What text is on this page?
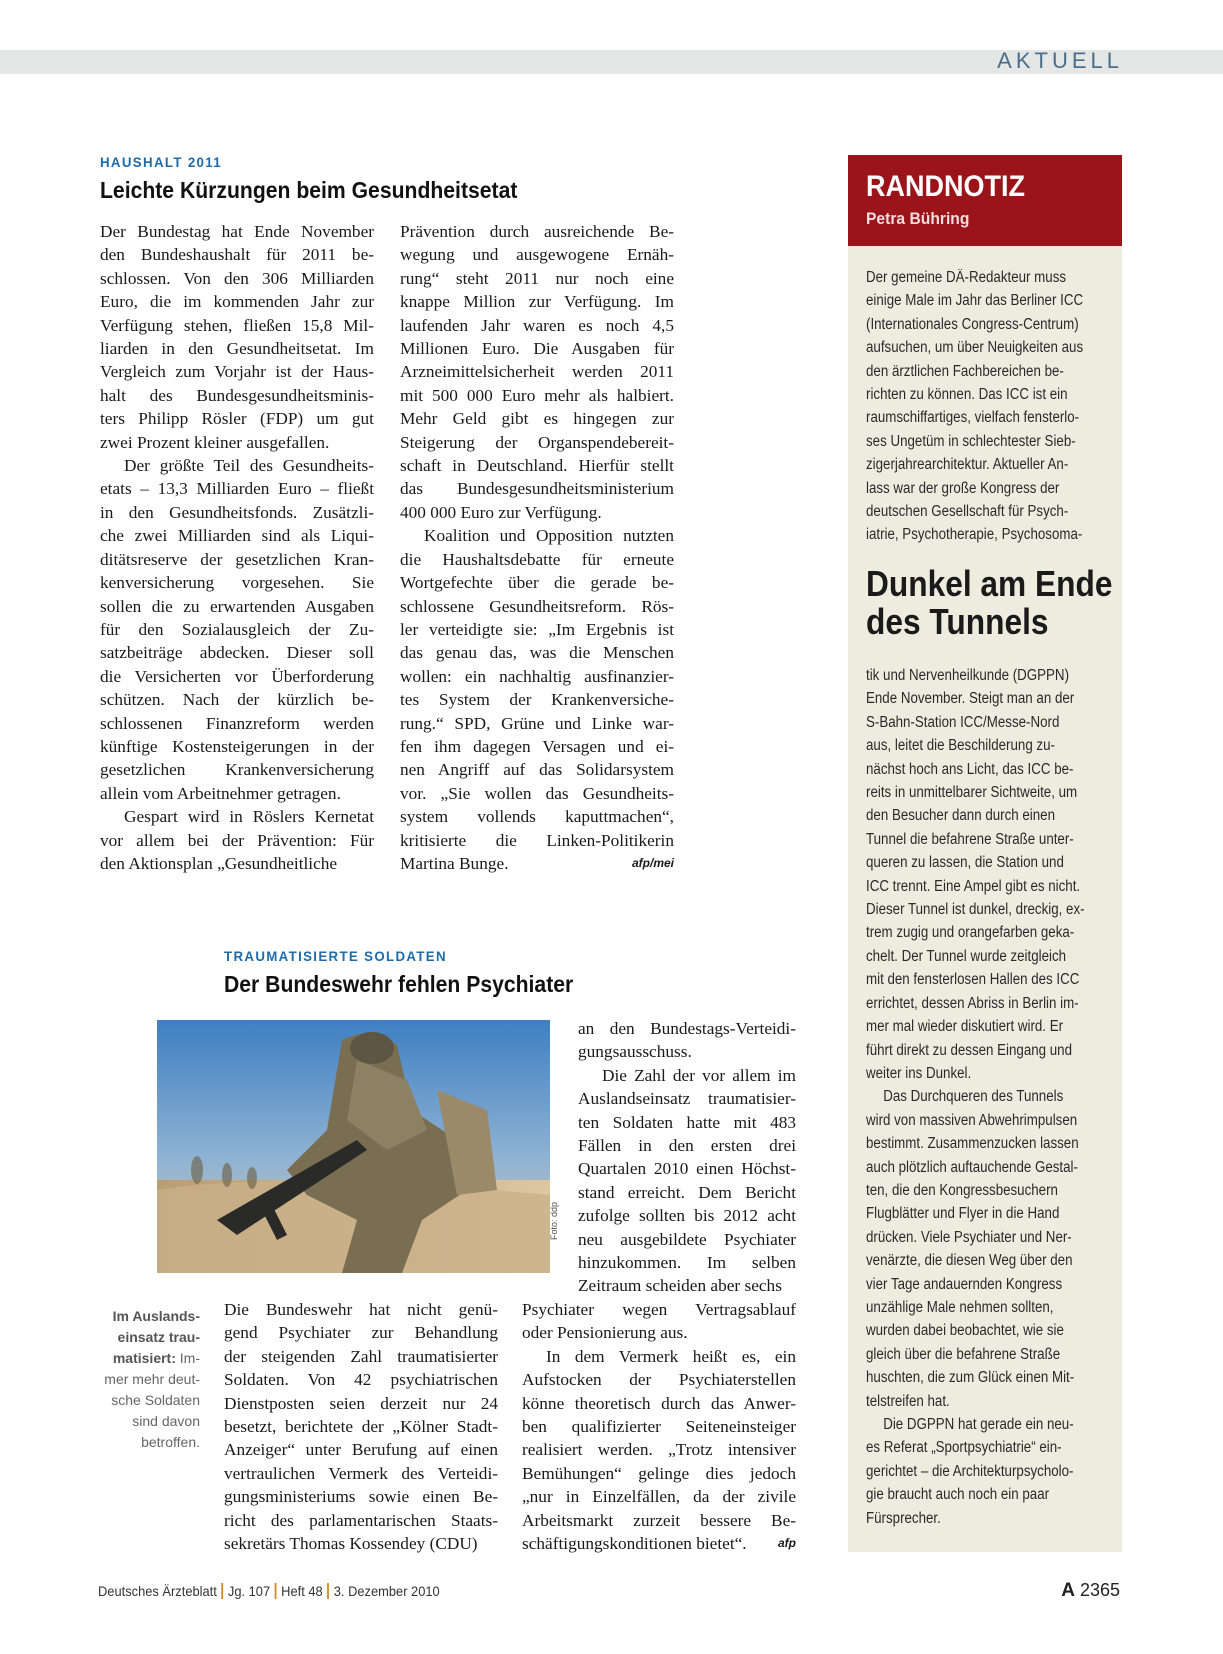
AKTUELL
HAUSHALT 2011
Leichte Kürzungen beim Gesundheitsetat

Der Bundestag hat Ende November
den Bundeshaushalt für 2011 be-
schlossen. Von den 306 Milliarden
Euro, die im kommenden Jahr zur
Verfügung stehen, fließen 15,8 Mil-
liarden in den Gesundheitsetat. Im
Vergleich zum Vorjahr ist der Haus-
halt des Bundesgesundheitsminis-
ters Philipp Rösler (FDP) um gut
zwei Prozent kleiner ausgefallen.

Der größte Teil des Gesundheits-
etats – 13,3 Milliarden Euro – fließt
in den Gesundheitsfonds. Zusätzli-
che zwei Milliarden sind als Liqui-
ditätsreserve der gesetzlichen Kran-
kenversicherung vorgesehen. Sie
sollen die zu erwartenden Ausgaben
für den Sozialausgleich der Zu-
satzbeiträge abdecken. Dieser soll
die Versicherten vor Überforderung
schützen. Nach der kürzlich be-
schlossenen Finanzreform werden
künftige Kostensteigerungen in der
gesetzlichen Krankenversicherung
allein vom Arbeitnehmer getragen.

Gespart wird in Röslers Kernetat
vor allem bei der Prävention: Für
den Aktionsplan „Gesundheitliche

Prävention durch ausreichende Be-
wegung und ausgewogene Ernäh-
rung“ steht 2011 nur noch eine
knappe Million zur Verfügung. Im
laufenden Jahr waren es noch 4,5
Millionen Euro. Die Ausgaben für
Arzneimittelsicherheit werden 2011
mit 500 000 Euro mehr als halbiert.
Mehr Geld gibt es hingegen zur
Steigerung der Organspendebereit-
schaft in Deutschland. Hierfür stellt
das Bundesgesundheitsministerium
400 000 Euro zur Verfügung.

Koalition und Opposition nutzten
die Haushaltsdebatte für erneute
Wortgefechte über die gerade be-
schlossene Gesundheitsreform. Rös-
ler verteidigte sie: „Im Ergebnis ist
das genau das, was die Menschen
wollen: ein nachhaltig ausfinanzier-
tes System der Krankenversiche-
rung.“ SPD, Grüne und Linke war-
fen ihm dagegen Versagen und ei-
nen Angriff auf das Solidarsystem
vor. „Sie wollen das Gesundheits-
system vollends kaputtmachen“,
kritisierte die Linken-Politikerin
Martina Bunge.	afp/mei

TRAUMATISIERTE SOLDATEN
Der Bundeswehr fehlen Psychiater
Foto: ddp
Im Auslands-
einsatz trau-
matisiert: Im-
mer mehr deut-
sche Soldaten
sind davon
betroffen.

an den Bundestags-Verteidi-
gungsausschuss.

Die Zahl der vor allem im
Auslandseinsatz traumatisier-
ten Soldaten hatte mit 483
Fällen in den ersten drei
Quartalen 2010 einen Höchst-
stand erreicht. Dem Bericht
zufolge sollten bis 2012 acht
neu ausgebildete Psychiater
hinzukommen. Im selben
Zeitraum scheiden aber sechs

Die Bundeswehr hat nicht genü-
gend Psychiater zur Behandlung
der steigenden Zahl traumatisierter
Soldaten. Von 42 psychiatrischen
Dienstposten seien derzeit nur 24
besetzt, berichtete der „Kölner Stadt-
Anzeiger“ unter Berufung auf einen
vertraulichen Vermerk des Verteidi-
gungsministeriums sowie einen Be-
richt des parlamentarischen Staats-
sekretärs Thomas Kossendey (CDU)

Psychiater wegen Vertragsablauf
oder Pensionierung aus.

In dem Vermerk heißt es, ein
Aufstocken der Psychiaterstellen
könne theoretisch durch das Anwer-
ben qualifizierter Seiteneinsteiger
realisiert werden. „Trotz intensiver
Bemühungen“ gelinge dies jedoch
„nur in Einzelfällen, da der zivile
Arbeitsmarkt zurzeit bessere Be-
schäftigungskonditionen bietet“.	afp

RANDNOTIZ
Petra Bühring
Der gemeine DÄ-Redakteur muss
einige Male im Jahr das Berliner ICC
(Internationales Congress-Centrum)
aufsuchen, um über Neuigkeiten aus
den ärztlichen Fachbereichen be-
richten zu können. Das ICC ist ein
raumschiffartiges, vielfach fensterlo-
ses Ungetüm in schlechtester Sieb-
zigerjahrearchitektur. Aktueller An-
lass war der große Kongress der
deutschen Gesellschaft für Psych-
iatrie, Psychotherapie, Psychosoma-
Dunkel am Ende
des Tunnels
tik und Nervenheilkunde (DGPPN)
Ende November. Steigt man an der
S-Bahn-Station ICC/Messe-Nord
aus, leitet die Beschilderung zu-
nächst hoch ans Licht, das ICC be-
reits in unmittelbarer Sichtweite, um
den Besucher dann durch einen
Tunnel die befahrene Straße unter-
queren zu lassen, die Station und
ICC trennt. Eine Ampel gibt es nicht.
Dieser Tunnel ist dunkel, dreckig, ex-
trem zugig und orangefarben geka-
chelt. Der Tunnel wurde zeitgleich
mit den fensterlosen Hallen des ICC
errichtet, dessen Abriss in Berlin im-
mer mal wieder diskutiert wird. Er
führt direkt zu dessen Eingang und
weiter ins Dunkel.
Das Durchqueren des Tunnels
wird von massiven Abwehrimpulsen
bestimmt. Zusammenzucken lassen
auch plötzlich auftauchende Gestal-
ten, die den Kongressbesuchern
Flugblätter und Flyer in die Hand
drücken. Viele Psychiater und Ner-
venärzte, die diesen Weg über den
vier Tage andauernden Kongress
unzählige Male nehmen sollten,
wurden dabei beobachtet, wie sie
gleich über die befahrene Straße
huschten, die zum Glück einen Mit-
telstreifen hat.
Die DGPPN hat gerade ein neu-
es Referat „Sportpsychiatrie“ ein-
gerichtet – die Architekturpsycholo-
gie braucht auch noch ein paar
Fürsprecher.
Deutsches Ärzteblatt Jg. 107 Heft 48 3. Dezember 2010	A 2365
